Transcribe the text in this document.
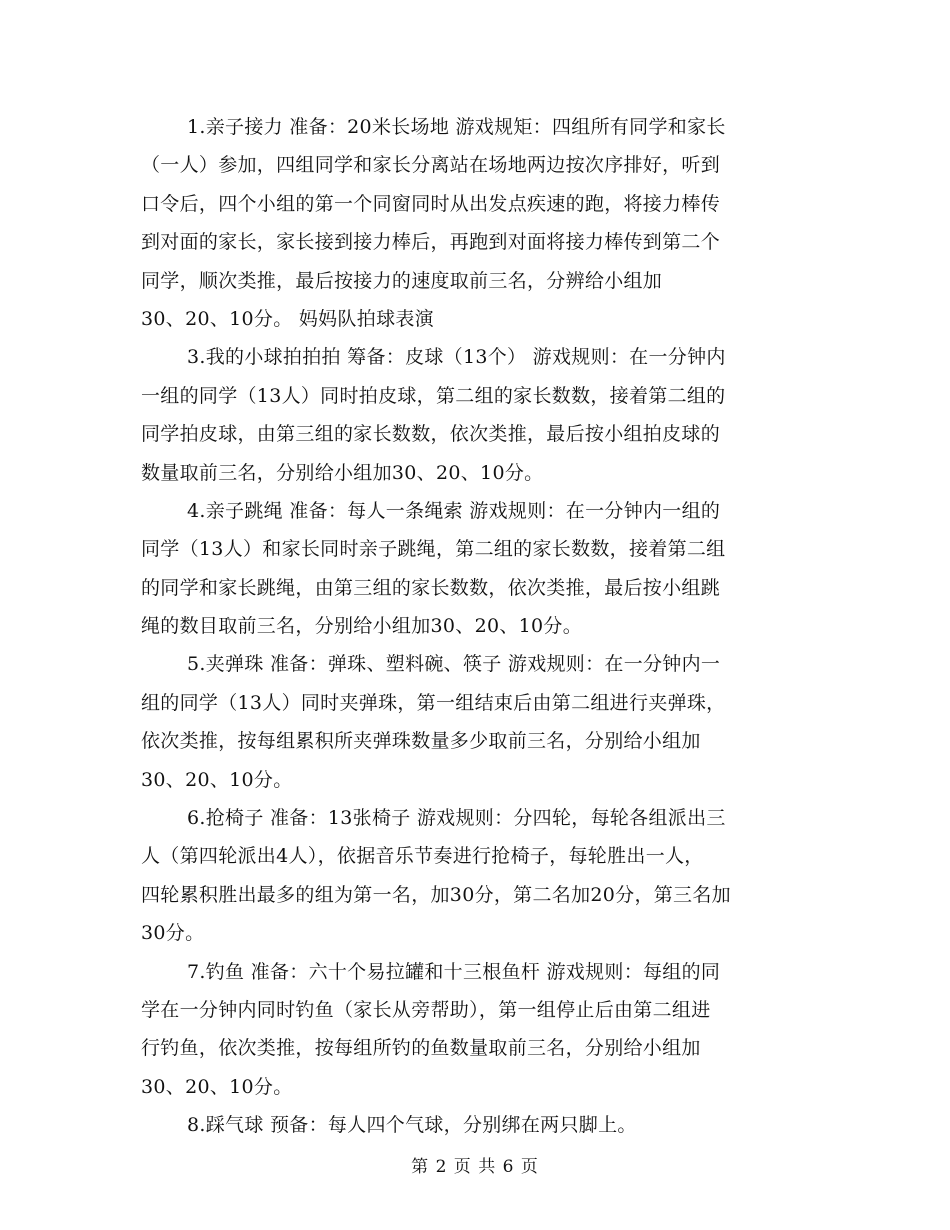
1.亲子接力 准备：20米长场地 游戏规矩：四组所有同学和家长
（一人）参加，四组同学和家长分离站在场地两边按次序排好，听到
口令后，四个小组的第一个同窗同时从出发点疾速的跑，将接力棒传
到对面的家长，家长接到接力棒后，再跑到对面将接力棒传到第二个
同学，顺次类推，最后按接力的速度取前三名，分辨给小组加
30、20、10分。 妈妈队拍球表演
3.我的小球拍拍拍 筹备：皮球（13个） 游戏规则：在一分钟内
一组的同学（13人）同时拍皮球，第二组的家长数数，接着第二组的
同学拍皮球，由第三组的家长数数，依次类推，最后按小组拍皮球的
数量取前三名，分别给小组加30、20、10分。
4.亲子跳绳 准备：每人一条绳索 游戏规则：在一分钟内一组的
同学（13人）和家长同时亲子跳绳，第二组的家长数数，接着第二组
的同学和家长跳绳，由第三组的家长数数，依次类推，最后按小组跳
绳的数目取前三名，分别给小组加30、20、10分。
5.夹弹珠 准备：弹珠、塑料碗、筷子 游戏规则：在一分钟内一
组的同学（13人）同时夹弹珠，第一组结束后由第二组进行夹弹珠，
依次类推，按每组累积所夹弹珠数量多少取前三名，分别给小组加
30、20、10分。
6.抢椅子 准备：13张椅子 游戏规则：分四轮，每轮各组派出三
人（第四轮派出4人），依据音乐节奏进行抢椅子，每轮胜出一人，
四轮累积胜出最多的组为第一名，加30分，第二名加20分，第三名加
30分。
7.钓鱼 准备：六十个易拉罐和十三根鱼杆 游戏规则：每组的同
学在一分钟内同时钓鱼（家长从旁帮助），第一组停止后由第二组进
行钓鱼，依次类推，按每组所钓的鱼数量取前三名，分别给小组加
30、20、10分。
8.踩气球 预备：每人四个气球，分别绑在两只脚上。
第 2 页 共 6 页
